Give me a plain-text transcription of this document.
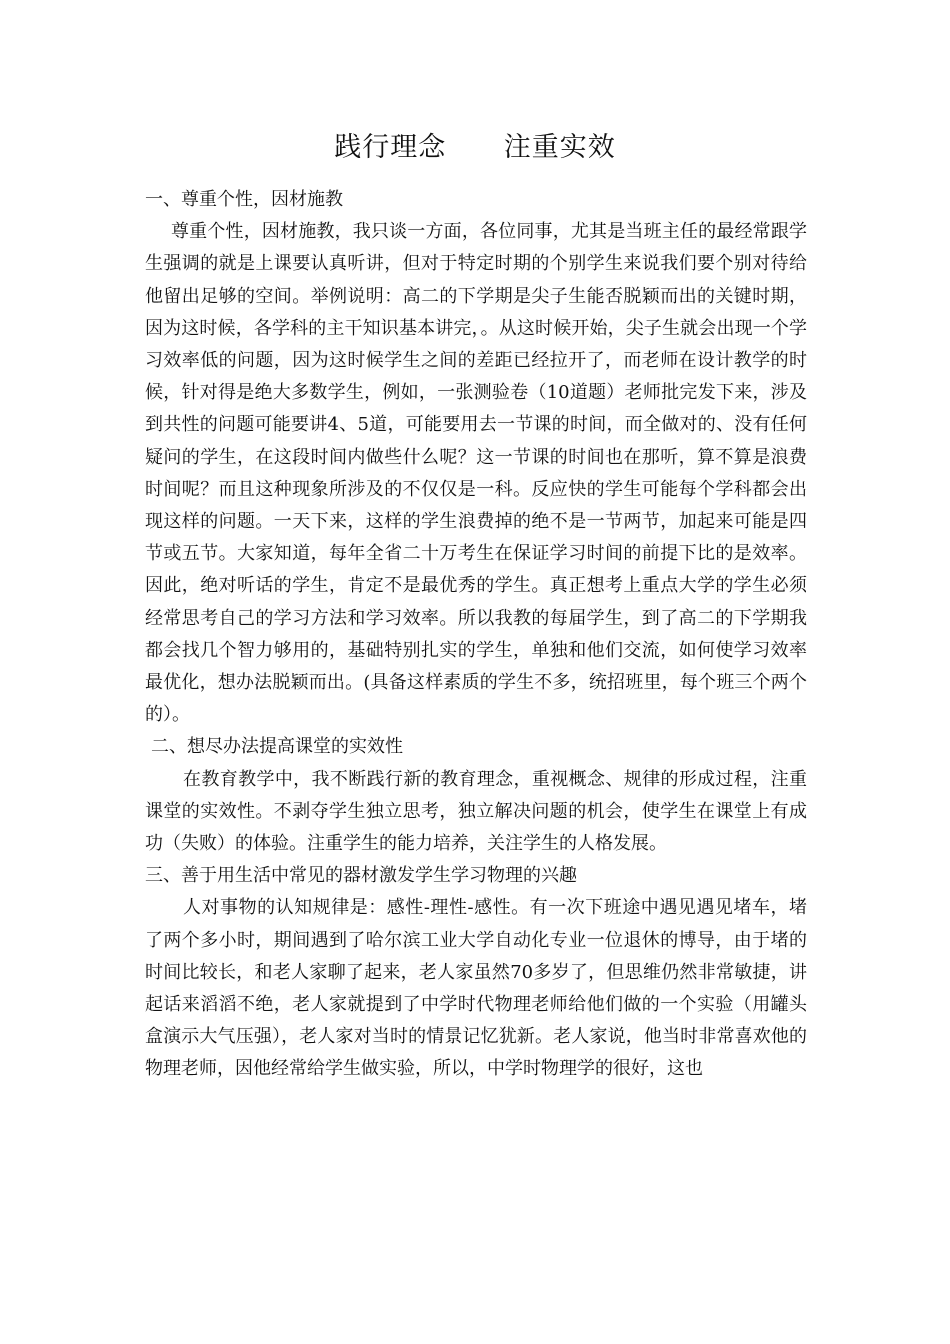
践行理念      注重实效

一、尊重个性，因材施教

尊重个性，因材施教，我只谈一方面，各位同事，尤其是当班主任的最经常跟学生强调的就是上课要认真听讲，但对于特定时期的个别学生来说我们要个别对待给他留出足够的空间。举例说明：高二的下学期是尖子生能否脱颖而出的关键时期，因为这时候，各学科的主干知识基本讲完，。从这时候开始，尖子生就会出现一个学习效率低的问题，因为这时候学生之间的差距已经拉开了，而老师在设计教学的时候，针对得是绝大多数学生，例如，一张测验卷（10道题）老师批完发下来，涉及到共性的问题可能要讲4、5道，可能要用去一节课的时间，而全做对的、没有任何疑问的学生，在这段时间内做些什么呢？这一节课的时间也在那听，算不算是浪费时间呢？而且这种现象所涉及的不仅仅是一科。反应快的学生可能每个学科都会出现这样的问题。一天下来，这样的学生浪费掉的绝不是一节两节，加起来可能是四节或五节。大家知道，每年全省二十万考生在保证学习时间的前提下比的是效率。因此，绝对听话的学生，肯定不是最优秀的学生。真正想考上重点大学的学生必须经常思考自己的学习方法和学习效率。所以我教的每届学生，到了高二的下学期我都会找几个智力够用的，基础特别扎实的学生，单独和他们交流，如何使学习效率最优化，想办法脱颖而出。(具备这样素质的学生不多，统招班里，每个班三个两个的）。

二、想尽办法提高课堂的实效性

在教育教学中，我不断践行新的教育理念，重视概念、规律的形成过程，注重课堂的实效性。不剥夺学生独立思考，独立解决问题的机会，使学生在课堂上有成功（失败）的体验。注重学生的能力培养，关注学生的人格发展。

三、善于用生活中常见的器材激发学生学习物理的兴趣

人对事物的认知规律是：感性-理性-感性。有一次下班途中遇见遇见堵车，堵了两个多小时，期间遇到了哈尔滨工业大学自动化专业一位退休的博导，由于堵的时间比较长，和老人家聊了起来，老人家虽然70多岁了，但思维仍然非常敏捷，讲起话来滔滔不绝，老人家就提到了中学时代物理老师给他们做的一个实验（用罐头盒演示大气压强），老人家对当时的情景记忆犹新。老人家说，他当时非常喜欢他的物理老师，因他经常给学生做实验，所以，中学时物理学的很好，这也
